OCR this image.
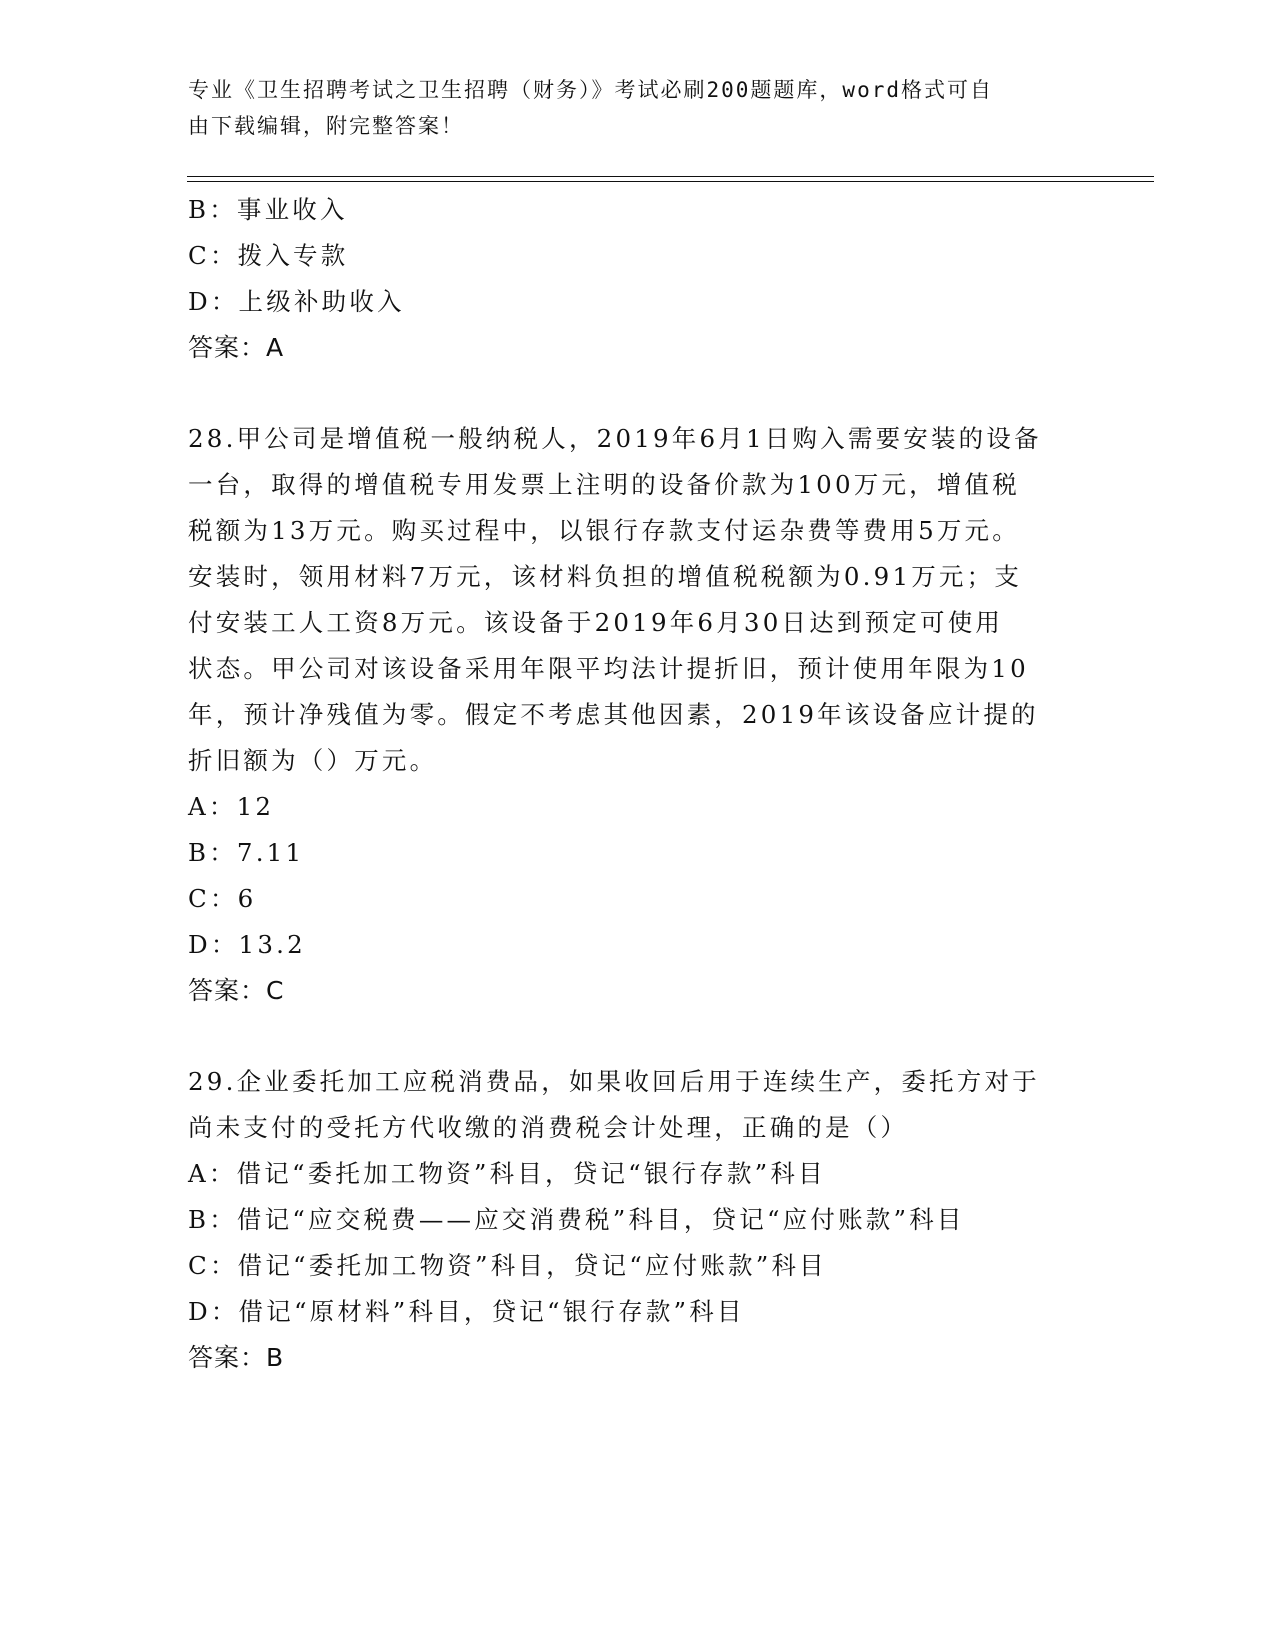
专业《卫生招聘考试之卫生招聘（财务）》考试必刷200题题库，word格式可自
由下载编辑，附完整答案！
B：事业收入
C：拨入专款
D：上级补助收入
答案：A
28.甲公司是增值税一般纳税人，2019年6月1日购入需要安装的设备
一台，取得的增值税专用发票上注明的设备价款为100万元，增值税
税额为13万元。购买过程中，以银行存款支付运杂费等费用5万元。
安装时，领用材料7万元，该材料负担的增值税税额为0.91万元；支
付安装工人工资8万元。该设备于2019年6月30日达到预定可使用
状态。甲公司对该设备采用年限平均法计提折旧，预计使用年限为10
年，预计净残值为零。假定不考虑其他因素，2019年该设备应计提的
折旧额为（）万元。
A：12
B：7.11
C：6
D：13.2
答案：C
29.企业委托加工应税消费品，如果收回后用于连续生产，委托方对于
尚未支付的受托方代收缴的消费税会计处理，正确的是（）
A：借记“委托加工物资”科目，贷记“银行存款”科目
B：借记“应交税费——应交消费税”科目，贷记“应付账款”科目
C：借记“委托加工物资”科目，贷记“应付账款”科目
D：借记“原材料”科目，贷记“银行存款”科目
答案：B
